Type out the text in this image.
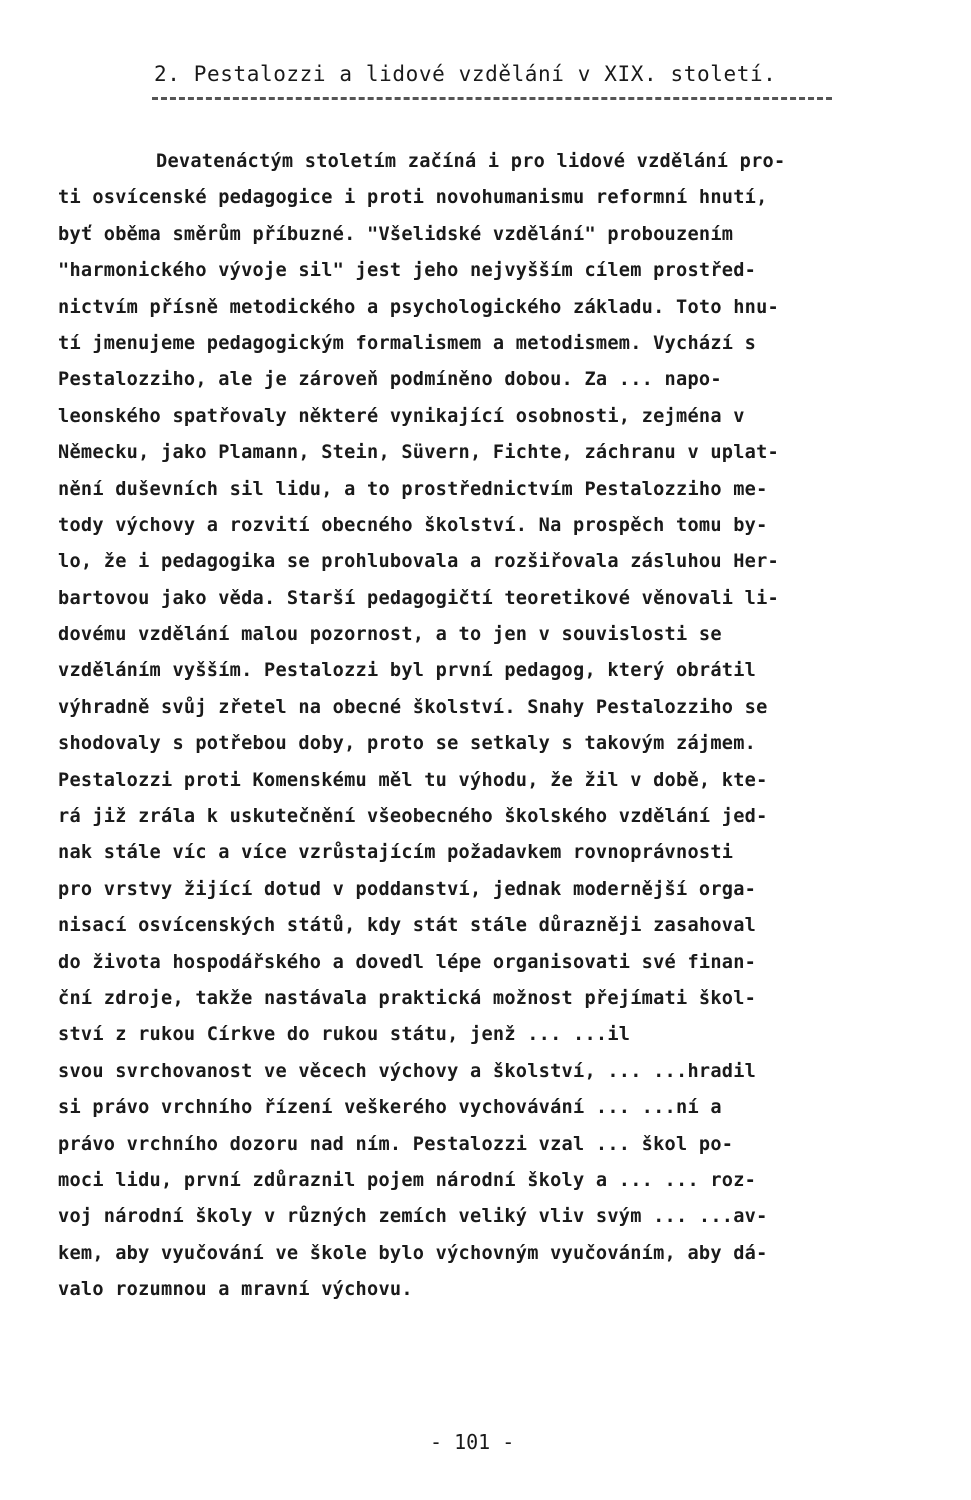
2. Pestalozzi a lidové vzdělání v XIX. století.
Devatenáctým stoletím začíná i pro lidové vzdělání pro-
ti osvícenské pedagogice i proti novohumanismu reformní hnutí,
byť oběma směrům příbuzné. "Všelidské vzdělání" probouzením
"harmonického vývoje sil" jest jeho nejvyšším cílem prostřed-
nictvím přísně metodického a psychologického základu. Toto hnu-
tí jmenujeme pedagogickým formalismem a metodismem. Vychází s
Pestalozziho, ale je zároveň podmíněno dobou. Za ... napo-
leonského spatřovaly některé vynikající osobnosti, zejména v
Německu, jako Plamann, Stein, Süvern, Fichte, záchranu v uplat-
nění duševních sil lidu, a to prostřednictvím Pestalozziho me-
tody výchovy a rozvití obecného školství. Na prospěch tomu by-
lo, že i pedagogika se prohlubovala a rozšiřovala zásluhou Her-
bartovou jako věda. Starší pedagogičtí teoretikové věnovali li-
dovému vzdělání malou pozornost, a to jen v souvislosti se
vzděláním vyšším. Pestalozzi byl první pedagog, který obrátil
výhradně svůj zřetel na obecné školství. Snahy Pestalozziho se
shodovaly s potřebou doby, proto se setkaly s takovým zájmem.
Pestalozzi proti Komenskému měl tu výhodu, že žil v době, kte-
rá již zrála k uskutečnění všeobecného školského vzdělání jed-
nak stále víc a více vzrůstajícím požadavkem rovnoprávnosti
pro vrstvy žijící dotud v poddanství, jednak modernější orga-
nisací osvícenských států, kdy stát stále důrazněji zasahoval
do života hospodářského a dovedl lépe organisovati své finan-
ční zdroje, takže nastávala praktická možnost přejímati škol-
ství z rukou Církve do rukou státu, jenž ... ...il
svou svrchovanost ve věcech výchovy a školství, ... ...hradil
si právo vrchního řízení veškerého vychovávání ... ...ní a
právo vrchního dozoru nad ním. Pestalozzi vzal ... škol po-
moci lidu, první zdůraznil pojem národní školy a ... ... roz-
voj národní školy v různých zemích veliký vliv svým ... ...av-
kem, aby vyučování ve škole bylo výchovným vyučováním, aby dá-
valo rozumnou a mravní výchovu.
- 101 -
